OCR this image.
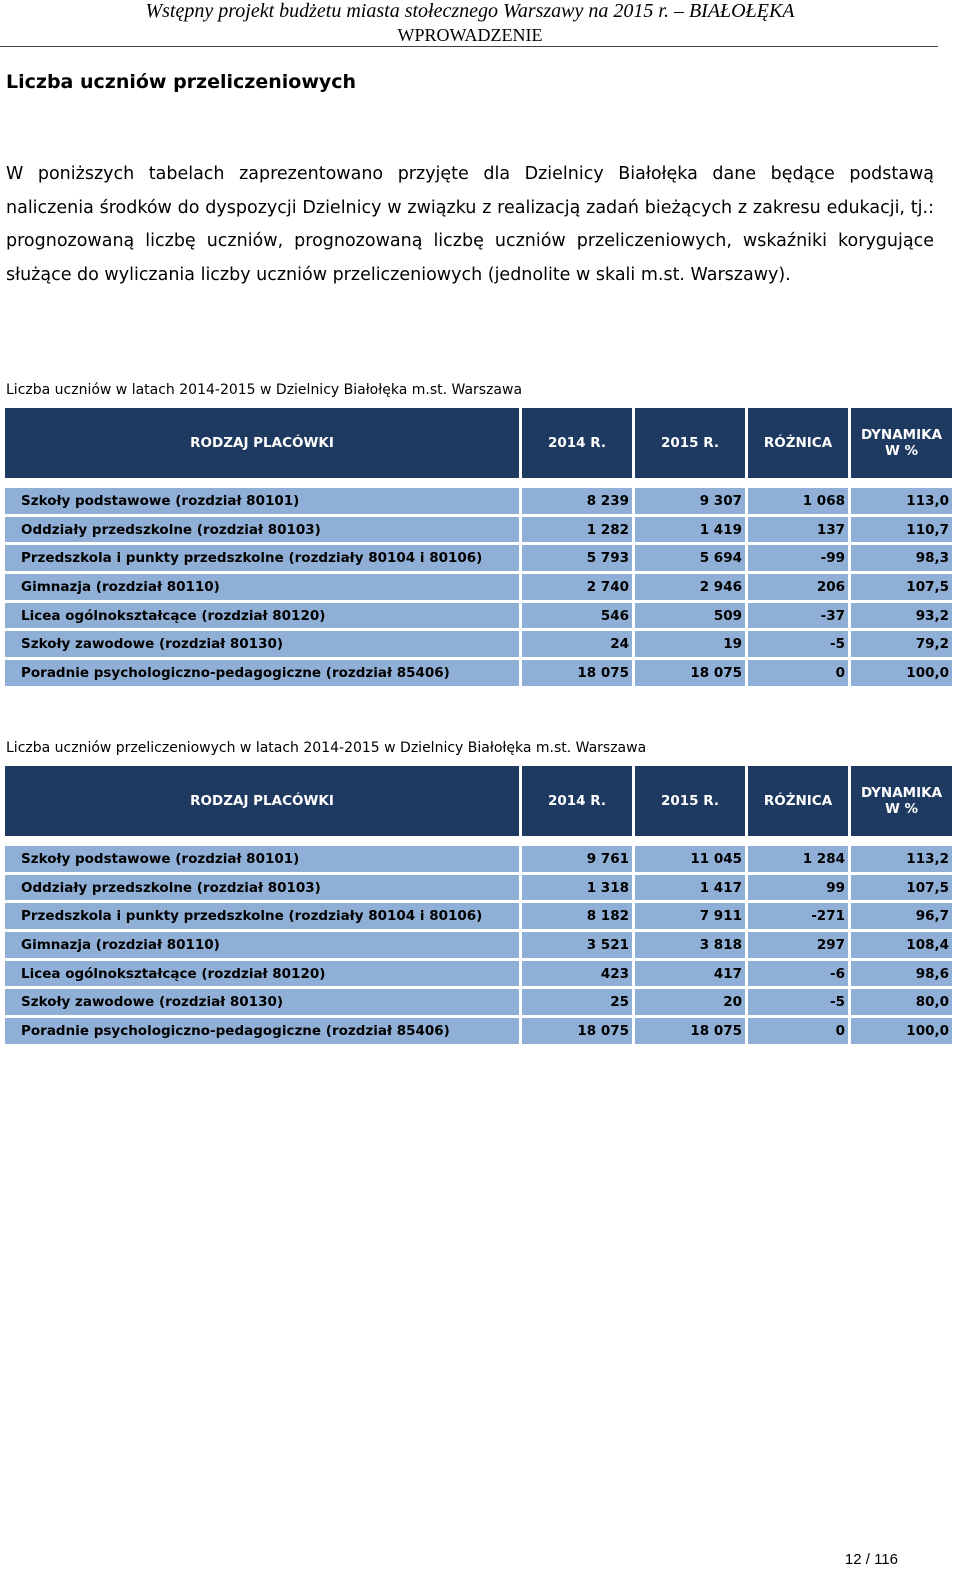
Wstępny projekt budżetu miasta stołecznego Warszawy na 2015 r. – BIAŁOŁĘKA
WPROWADZENIE
Liczba uczniów przeliczeniowych
W poniższych tabelach zaprezentowano przyjęte dla Dzielnicy Białołęka dane będące podstawą naliczenia środków do dyspozycji Dzielnicy w związku z realizacją zadań bieżących z zakresu edukacji, tj.: prognozowaną liczbę uczniów, prognozowaną liczbę uczniów przeliczeniowych, wskaźniki korygujące służące do wyliczania liczby uczniów przeliczeniowych (jednolite w skali m.st. Warszawy).
Liczba uczniów w latach 2014-2015 w Dzielnicy Białołęka m.st. Warszawa
RODZAJ PLACÓWKI	2014 R.	2015 R.	RÓŻNICA	DYNAMIKA W %

Szkoły podstawowe (rozdział 80101)	8 239	9 307	1 068	113,0
Oddziały przedszkolne (rozdział 80103)	1 282	1 419	137	110,7
Przedszkola i punkty przedszkolne (rozdziały 80104 i 80106)	5 793	5 694	-99	98,3
Gimnazja (rozdział 80110)	2 740	2 946	206	107,5
Licea ogólnokształcące (rozdział 80120)	546	509	-37	93,2
Szkoły zawodowe (rozdział 80130)	24	19	-5	79,2
Poradnie psychologiczno-pedagogiczne (rozdział 85406)	18 075	18 075	0	100,0
Liczba uczniów przeliczeniowych w latach 2014-2015 w Dzielnicy Białołęka m.st. Warszawa
RODZAJ PLACÓWKI	2014 R.	2015 R.	RÓŻNICA	DYNAMIKA W %

Szkoły podstawowe (rozdział 80101)	9 761	11 045	1 284	113,2
Oddziały przedszkolne (rozdział 80103)	1 318	1 417	99	107,5
Przedszkola i punkty przedszkolne (rozdziały 80104 i 80106)	8 182	7 911	-271	96,7
Gimnazja (rozdział 80110)	3 521	3 818	297	108,4
Licea ogólnokształcące (rozdział 80120)	423	417	-6	98,6
Szkoły zawodowe (rozdział 80130)	25	20	-5	80,0
Poradnie psychologiczno-pedagogiczne (rozdział 85406)	18 075	18 075	0	100,0
12 / 116
